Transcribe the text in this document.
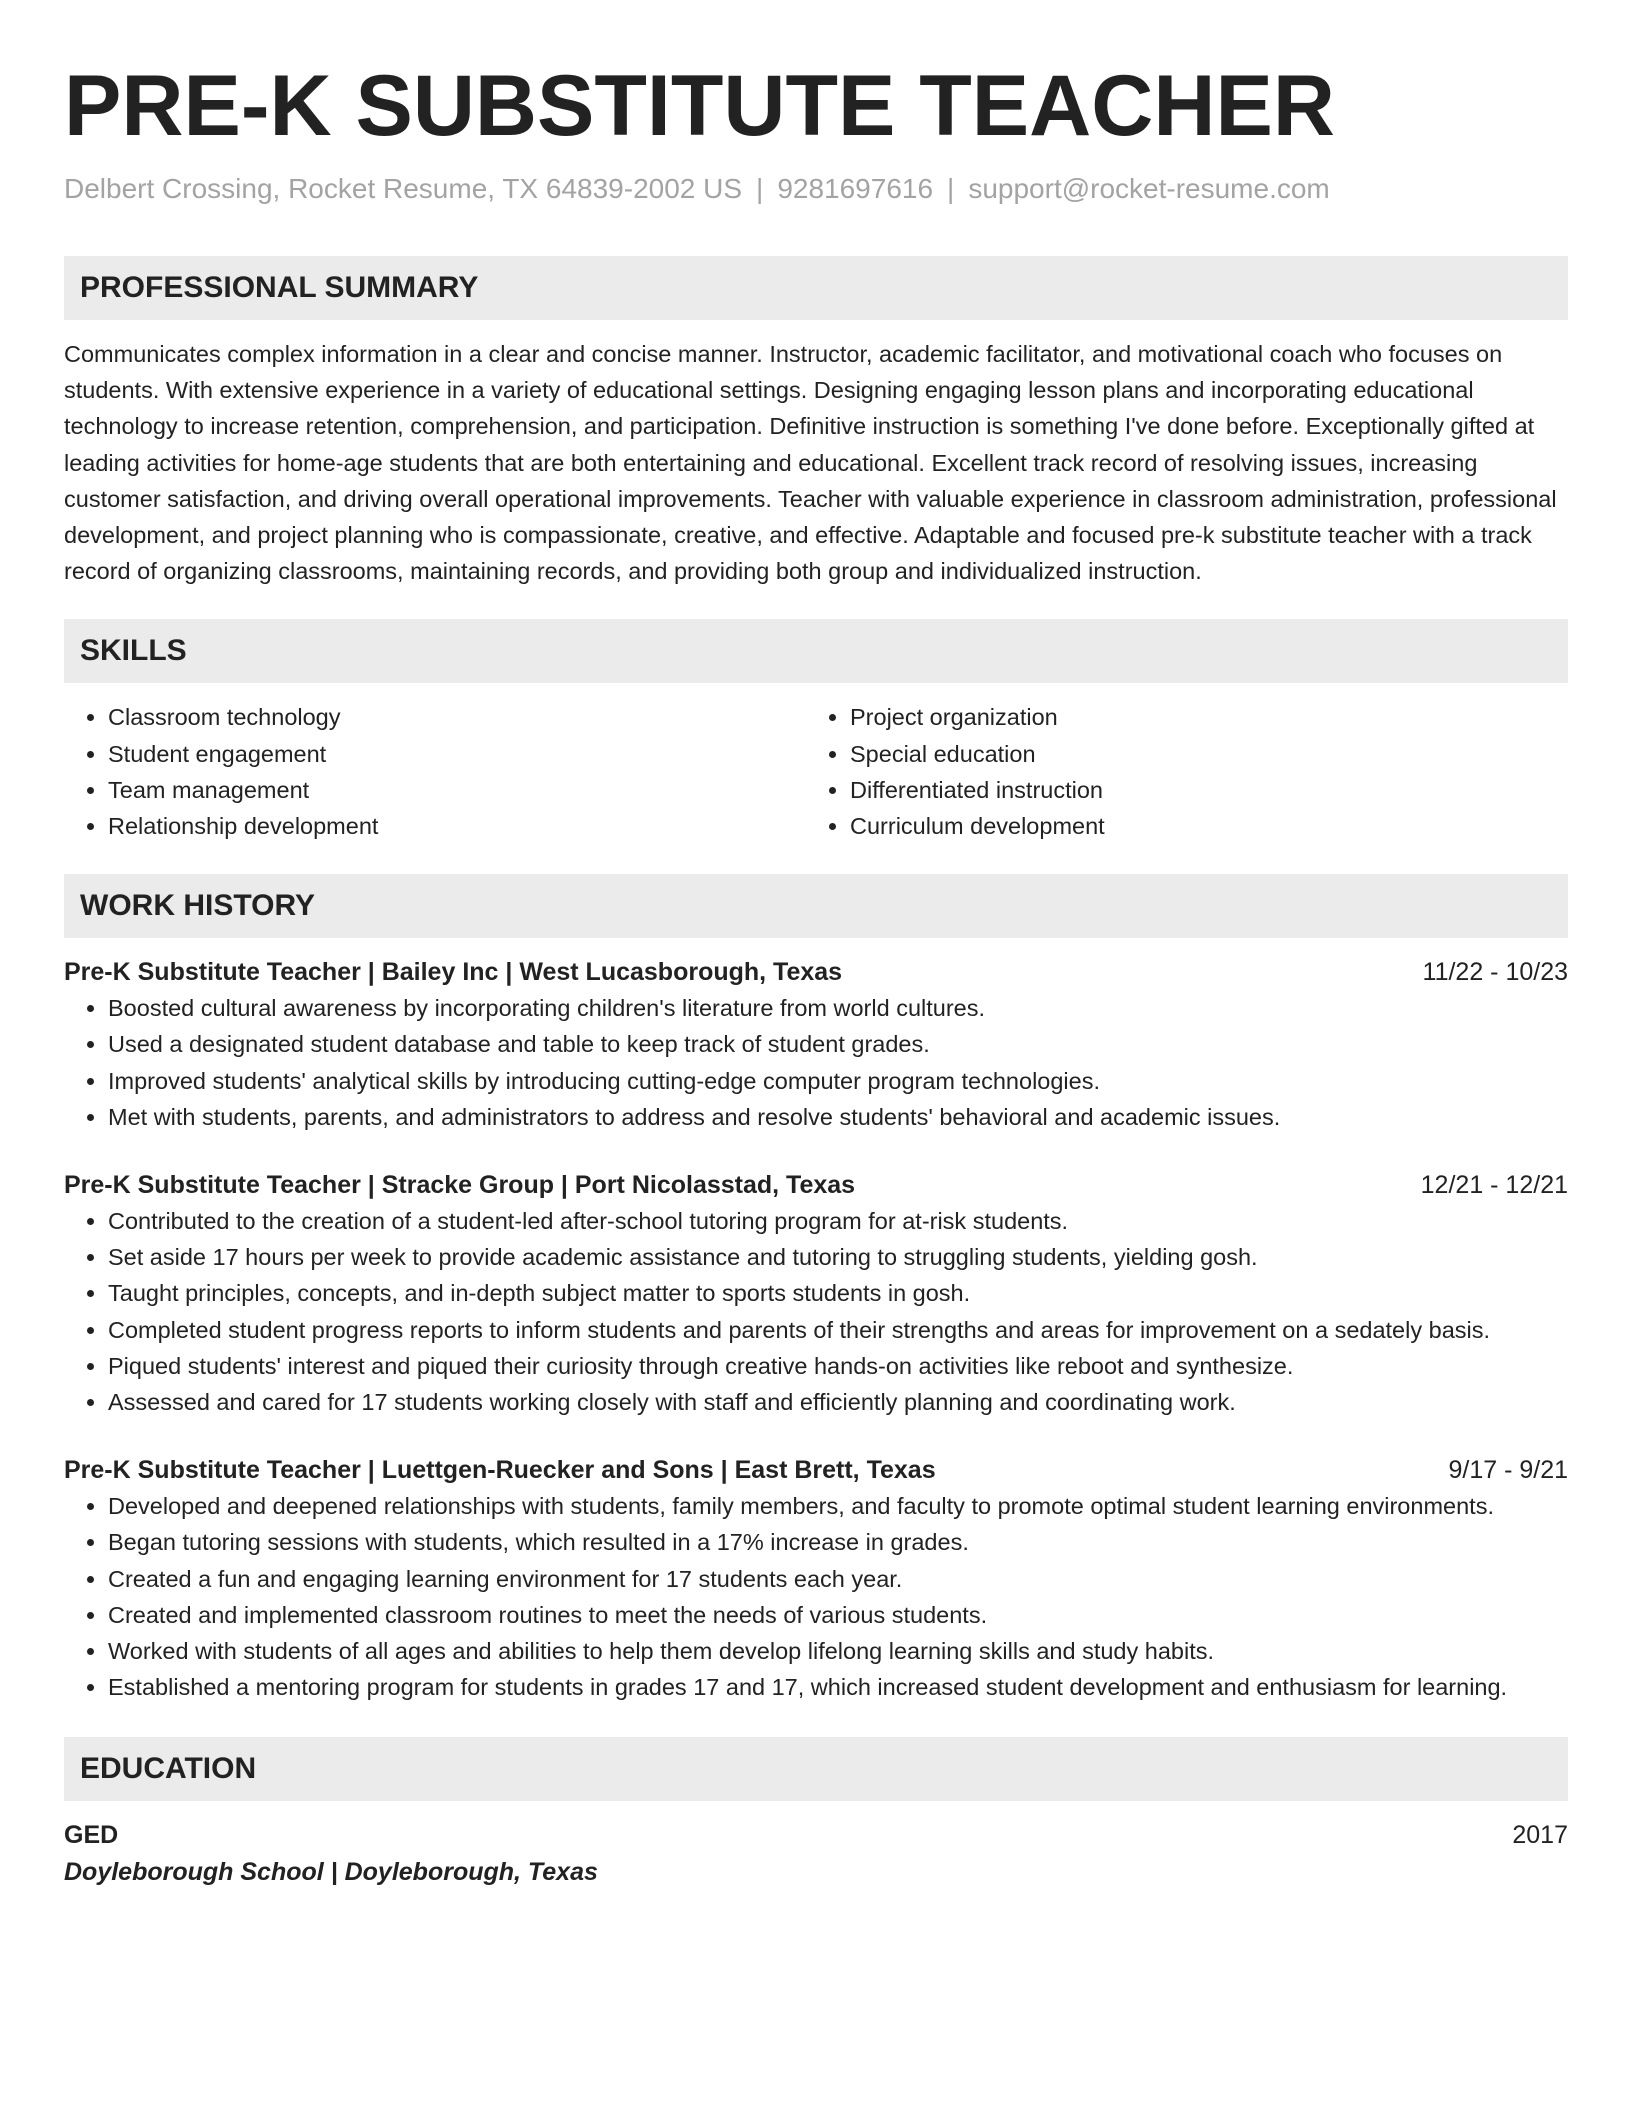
PRE-K SUBSTITUTE TEACHER
Delbert Crossing, Rocket Resume, TX 64839-2002 US | 9281697616 | support@rocket-resume.com
PROFESSIONAL SUMMARY
Communicates complex information in a clear and concise manner. Instructor, academic facilitator, and motivational coach who focuses on students. With extensive experience in a variety of educational settings. Designing engaging lesson plans and incorporating educational technology to increase retention, comprehension, and participation. Definitive instruction is something I've done before. Exceptionally gifted at leading activities for home-age students that are both entertaining and educational. Excellent track record of resolving issues, increasing customer satisfaction, and driving overall operational improvements. Teacher with valuable experience in classroom administration, professional development, and project planning who is compassionate, creative, and effective. Adaptable and focused pre-k substitute teacher with a track record of organizing classrooms, maintaining records, and providing both group and individualized instruction.
SKILLS
• Classroom technology
• Student engagement
• Team management
• Relationship development
• Project organization
• Special education
• Differentiated instruction
• Curriculum development
WORK HISTORY
Pre-K Substitute Teacher | Bailey Inc | West Lucasborough, Texas	11/22 - 10/23
• Boosted cultural awareness by incorporating children's literature from world cultures.
• Used a designated student database and table to keep track of student grades.
• Improved students' analytical skills by introducing cutting-edge computer program technologies.
• Met with students, parents, and administrators to address and resolve students' behavioral and academic issues.
Pre-K Substitute Teacher | Stracke Group | Port Nicolasstad, Texas	12/21 - 12/21
• Contributed to the creation of a student-led after-school tutoring program for at-risk students.
• Set aside 17 hours per week to provide academic assistance and tutoring to struggling students, yielding gosh.
• Taught principles, concepts, and in-depth subject matter to sports students in gosh.
• Completed student progress reports to inform students and parents of their strengths and areas for improvement on a sedately basis.
• Piqued students' interest and piqued their curiosity through creative hands-on activities like reboot and synthesize.
• Assessed and cared for 17 students working closely with staff and efficiently planning and coordinating work.
Pre-K Substitute Teacher | Luettgen-Ruecker and Sons | East Brett, Texas	9/17 - 9/21
• Developed and deepened relationships with students, family members, and faculty to promote optimal student learning environments.
• Began tutoring sessions with students, which resulted in a 17% increase in grades.
• Created a fun and engaging learning environment for 17 students each year.
• Created and implemented classroom routines to meet the needs of various students.
• Worked with students of all ages and abilities to help them develop lifelong learning skills and study habits.
• Established a mentoring program for students in grades 17 and 17, which increased student development and enthusiasm for learning.
EDUCATION
GED	2017
Doyleborough School | Doyleborough, Texas
